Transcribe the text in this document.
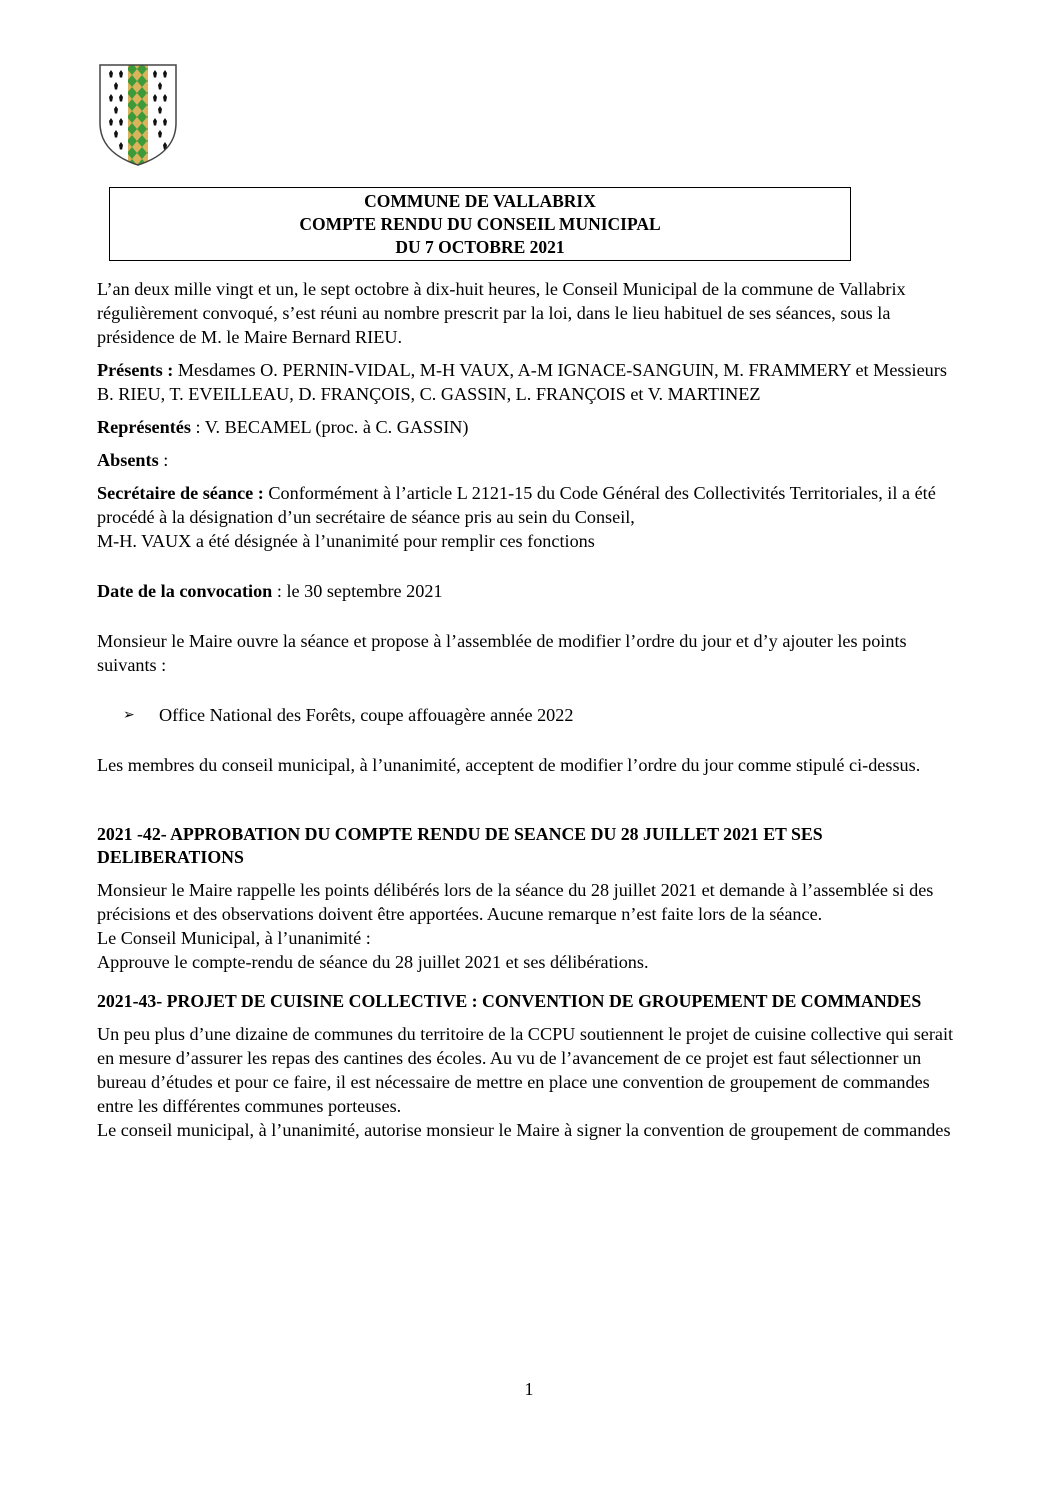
COMMUNE DE VALLABRIX
COMPTE RENDU DU CONSEIL MUNICIPAL
DU 7 OCTOBRE 2021

L’an deux mille vingt et un, le sept octobre à dix-huit heures, le Conseil Municipal de la commune de Vallabrix régulièrement convoqué, s’est réuni au nombre prescrit par la loi, dans le lieu habituel de ses séances, sous la présidence de M. le Maire Bernard RIEU.

Présents : Mesdames O. PERNIN-VIDAL, M-H VAUX, A-M IGNACE-SANGUIN, M. FRAMMERY et Messieurs B. RIEU, T. EVEILLEAU, D. FRANÇOIS, C. GASSIN, L. FRANÇOIS et V. MARTINEZ

Représentés : V. BECAMEL (proc. à C. GASSIN)

Absents :

Secrétaire de séance : Conformément à l’article L 2121-15 du Code Général des Collectivités Territoriales, il a été procédé à la désignation d’un secrétaire de séance pris au sein du Conseil,
M-H. VAUX a été désignée à l’unanimité pour remplir ces fonctions

Date de la convocation : le 30 septembre 2021

Monsieur le Maire ouvre la séance et propose à l’assemblée de modifier l’ordre du jour et d’y ajouter les points suivants :

➢	Office National des Forêts, coupe affouagère année 2022

Les membres du conseil municipal, à l’unanimité, acceptent de modifier l’ordre du jour comme stipulé ci-dessus.

2021 -42- APPROBATION DU COMPTE RENDU DE SEANCE DU 28 JUILLET 2021 ET SES DELIBERATIONS

Monsieur le Maire rappelle les points délibérés lors de la séance du 28 juillet 2021 et demande à l’assemblée si des précisions et des observations doivent être apportées. Aucune remarque n’est faite lors de la séance.

Le Conseil Municipal, à l’unanimité :

Approuve le compte-rendu de séance du 28 juillet 2021 et ses délibérations.

2021-43- PROJET DE CUISINE COLLECTIVE : CONVENTION DE GROUPEMENT DE COMMANDES

Un peu plus d’une dizaine de communes du territoire de la CCPU soutiennent le projet de cuisine collective qui serait en mesure d’assurer les repas des cantines des écoles. Au vu de l’avancement de ce projet est faut sélectionner un bureau d’études et pour ce faire, il est nécessaire de mettre en place une convention de groupement de commandes entre les différentes communes porteuses.

Le conseil municipal, à l’unanimité, autorise monsieur le Maire à signer la convention de groupement de commandes

1
